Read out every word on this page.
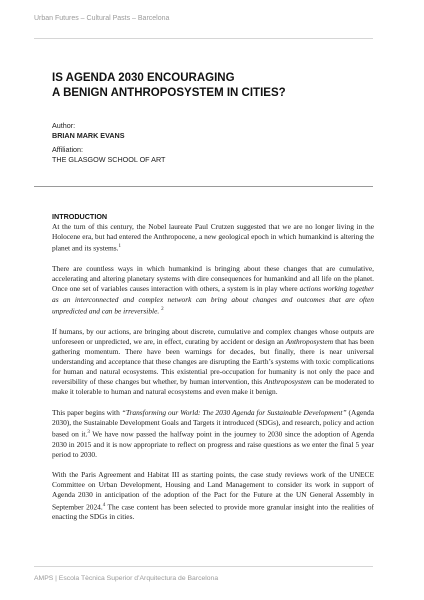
Urban Futures – Cultural Pasts – Barcelona
IS AGENDA 2030 ENCOURAGING
A BENIGN ANTHROPOSYSTEM IN CITIES?
Author:
BRIAN MARK EVANS
Affiliation:
THE GLASGOW SCHOOL OF ART
INTRODUCTION

At the turn of this century, the Nobel laureate Paul Crutzen suggested that we are no longer living in the Holocene era, but had entered the Anthropocene, a new geological epoch in which humankind is altering the planet and its systems.$^1$

There are countless ways in which humankind is bringing about these changes that are cumulative, accelerating and altering planetary systems with dire consequences for humankind and all life on the planet. Once one set of variables causes interaction with others, a system is in play where actions working together as an interconnected and complex network can bring about changes and outcomes that are often unpredicted and can be irreversible. $^2$

If humans, by our actions, are bringing about discrete, cumulative and complex changes whose outputs are unforeseen or unpredicted, we are, in effect, curating by accident or design an Anthroposystem that has been gathering momentum. There have been warnings for decades, but finally, there is near universal understanding and acceptance that these changes are disrupting the Earth’s systems with toxic complications for human and natural ecosystems. This existential pre-occupation for humanity is not only the pace and reversibility of these changes but whether, by human intervention, this Anthroposystem can be moderated to make it tolerable to human and natural ecosystems and even make it benign.

This paper begins with “Transforming our World: The 2030 Agenda for Sustainable Development” (Agenda 2030), the Sustainable Development Goals and Targets it introduced (SDGs), and research, policy and action based on it.$^3$ We have now passed the halfway point in the journey to 2030 since the adoption of Agenda 2030 in 2015 and it is now appropriate to reflect on progress and raise questions as we enter the final 5 year period to 2030.

With the Paris Agreement and Habitat III as starting points, the case study reviews work of the UNECE Committee on Urban Development, Housing and Land Management to consider its work in support of Agenda 2030 in anticipation of the adoption of the Pact for the Future at the UN General Assembly in September 2024.$^4$ The case content has been selected to provide more granular insight into the realities of enacting the SDGs in cities.

AMPS | Escola Tècnica Superior d’Arquitectura de Barcelona
